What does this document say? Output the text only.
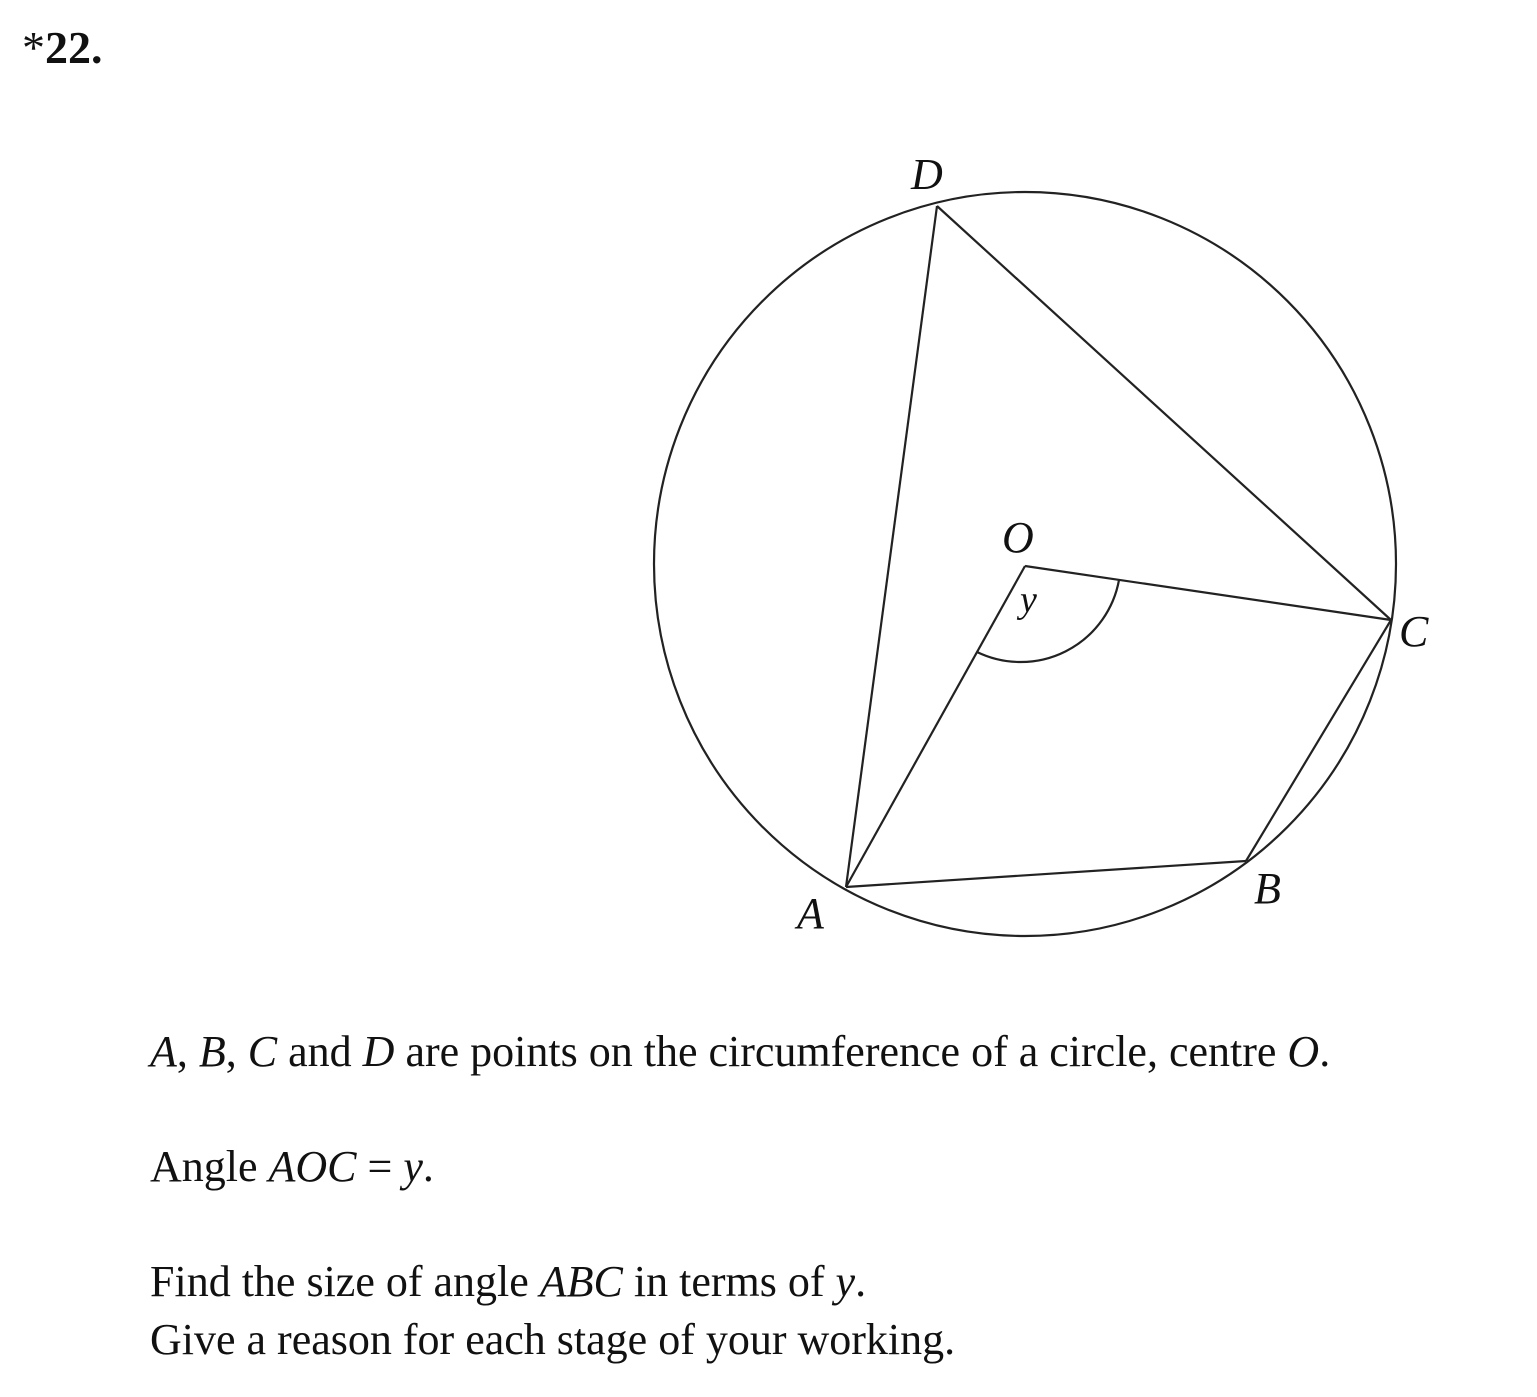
*22.
D
O
y
C
B
A
A, B, C and D are points on the circumference of a circle, centre O.
Angle AOC = y.
Find the size of angle ABC in terms of y.
Give a reason for each stage of your working.
